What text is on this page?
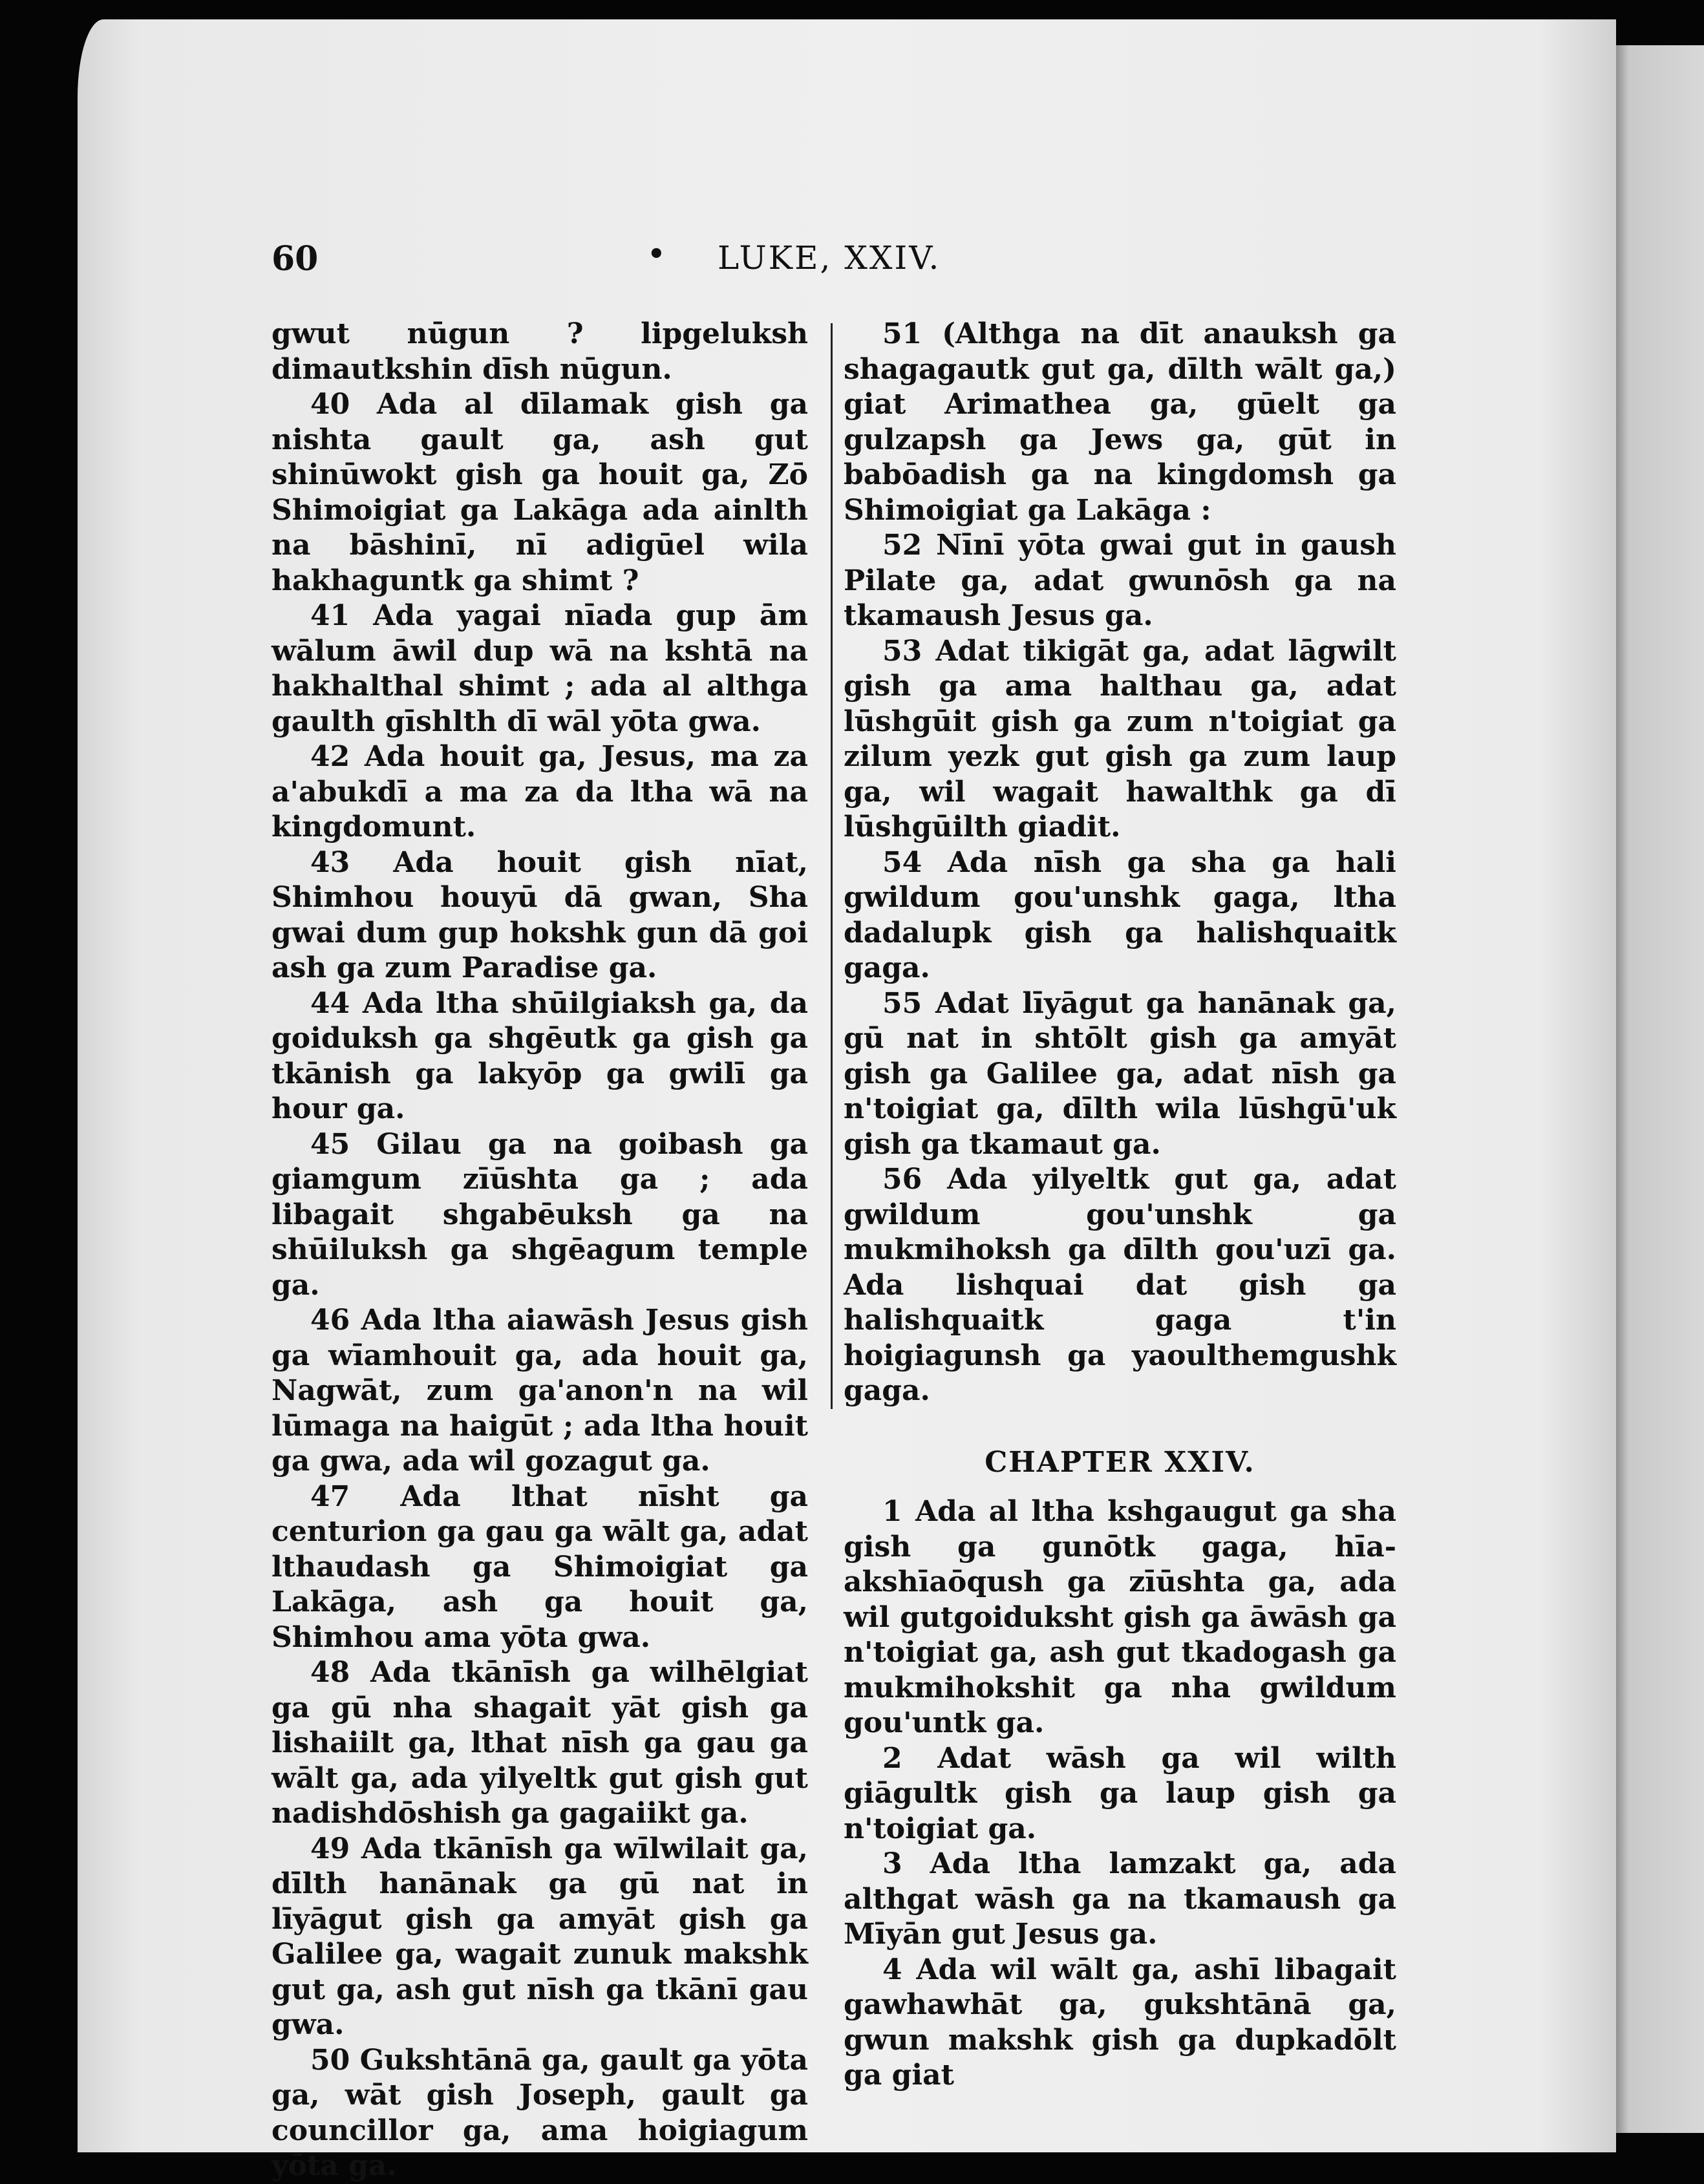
60	• LUKE, XXIV.

gwut nūgun ? lipgeluksh dimautkshin dīsh nūgun.

40 Ada al dīlamak gish ga nishta gault ga, ash gut shinūwokt gish ga houit ga, Zō Shimoigiat ga Lakāga ada ainlth na bāshinī, nī adigūel wila hakhaguntk ga shimt ?

41 Ada yagai nīada gup ām wālum āwil dup wā na kshtā na hakhalthal shimt ; ada al althga gaulth gīshlth dī wāl yōta gwa.

42 Ada houit ga, Jesus, ma za a'abukdī a ma za da ltha wā na kingdomunt.

43 Ada houit gish nīat, Shimhou houyū dā gwan, Sha gwai dum gup hokshk gun dā goi ash ga zum Paradise ga.

44 Ada ltha shūilgiaksh ga, da goiduksh ga shgēutk ga gish ga tkānish ga lakyōp ga gwilī ga hour ga.

45 Gilau ga na goibash ga giamgum zīūshta ga ; ada libagait shgabēuksh ga na shūiluksh ga shgēagum temple ga.

46 Ada ltha aiawāsh Jesus gish ga wīamhouit ga, ada houit ga, Nagwāt, zum ga'anon'n na wil lūmaga na haigūt ; ada ltha houit ga gwa, ada wil gozagut ga.

47 Ada lthat nīsht ga centurion ga gau ga wālt ga, adat lthaudash ga Shimoigiat ga Lakāga, ash ga houit ga, Shimhou ama yōta gwa.

48 Ada tkānīsh ga wilhēlgiat ga gū nha shagait yāt gish ga lishaiilt ga, lthat nīsh ga gau ga wālt ga, ada yilyeltk gut gish gut nadishdōshish ga gagaiikt ga.

49 Ada tkānīsh ga wīlwilait ga, dīlth hanānak ga gū nat in līyāgut gish ga amyāt gish ga Galilee ga, wagait zunuk makshk gut ga, ash gut nīsh ga tkānī gau gwa.

50 Gukshtānā ga, gault ga yōta ga, wāt gish Joseph, gault ga councillor ga, ama hoigiagum yōta ga.

51 (Althga na dīt anauksh ga shagagautk gut ga, dīlth wālt ga,) giat Arimathea ga, gūelt ga gulzapsh ga Jews ga, gūt in babōadish ga na kingdomsh ga Shimoigiat ga Lakāga :

52 Nīnī yōta gwai gut in gaush Pilate ga, adat gwunōsh ga na tkamaush Jesus ga.

53 Adat tikigāt ga, adat lāgwilt gish ga ama halthau ga, adat lūshgūit gish ga zum n'toigiat ga zilum yezk gut gish ga zum laup ga, wil wagait hawalthk ga dī lūshgūilth giadit.

54 Ada nīsh ga sha ga hali gwildum gou'unshk gaga, ltha dadalupk gish ga halishquaitk gaga.

55 Adat līyāgut ga hanānak ga, gū nat in shtōlt gish ga amyāt gish ga Galilee ga, adat nīsh ga n'toigiat ga, dīlth wila lūshgū'uk gish ga tkamaut ga.

56 Ada yilyeltk gut ga, adat gwildum gou'unshk ga mukmihoksh ga dīlth gou'uzī ga. Ada lishquai dat gish ga halishquaitk gaga t'in hoigiagunsh ga yaoulthemgushk gaga.

CHAPTER XXIV.

1 Ada al ltha kshgaugut ga sha gish ga gunōtk gaga, hīa-akshīaōqush ga zīūshta ga, ada wil gutgoiduksht gish ga āwāsh ga n'toigiat ga, ash gut tkadogash ga mukmihokshit ga nha gwildum gou'untk ga.

2 Adat wāsh ga wil wilth giāgultk gish ga laup gish ga n'toigiat ga.

3 Ada ltha lamzakt ga, ada althgat wāsh ga na tkamaush ga Mīyān gut Jesus ga.

4 Ada wil wālt ga, ashī libagait gawhawhāt ga, gukshtānā ga, gwun makshk gish ga dupkadōlt ga giat
